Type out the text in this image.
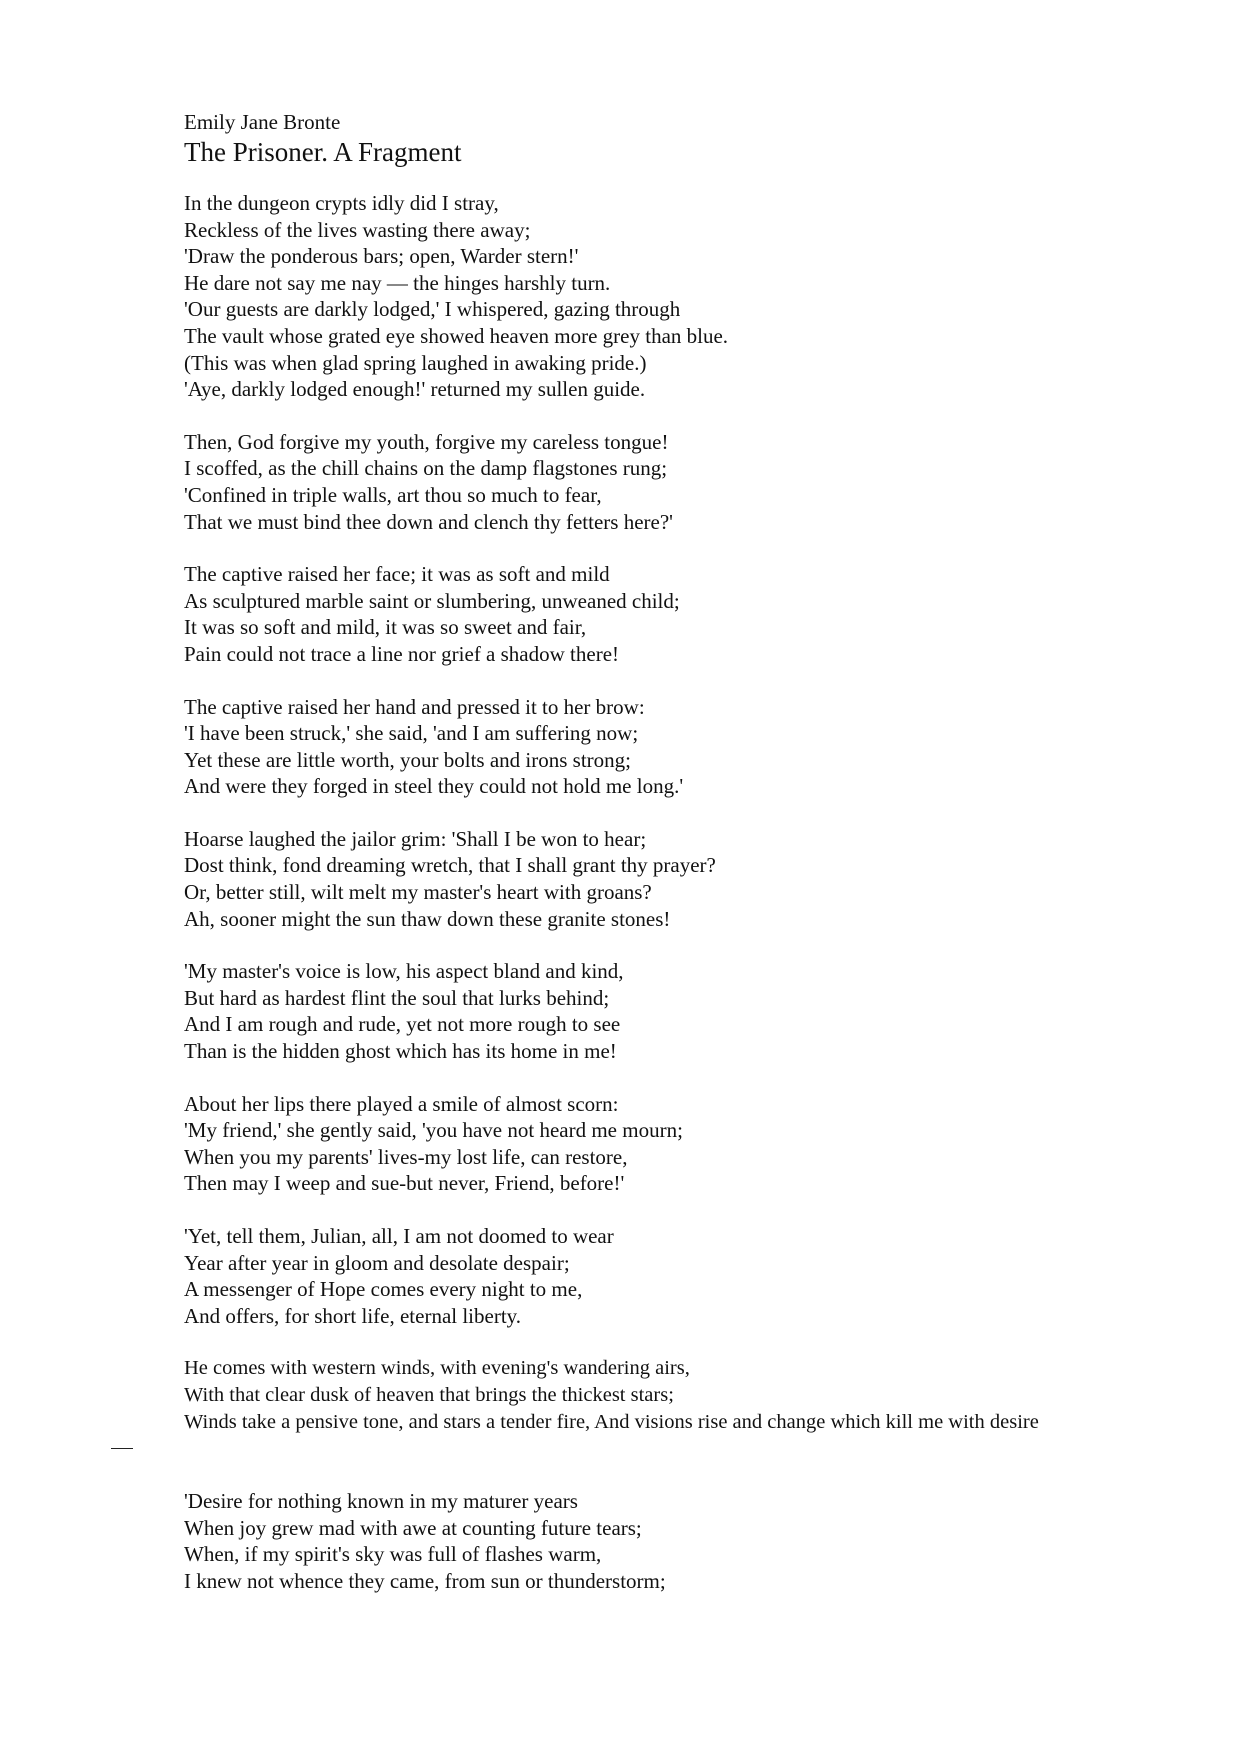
Emily Jane Bronte
The Prisoner. A Fragment
In the dungeon crypts idly did I stray,
Reckless of the lives wasting there away;
'Draw the ponderous bars; open, Warder stern!'
He dare not say me nay — the hinges harshly turn.
'Our guests are darkly lodged,' I whispered, gazing through
The vault whose grated eye showed heaven more grey than blue.
(This was when glad spring laughed in awaking pride.)
'Aye, darkly lodged enough!' returned my sullen guide.
Then, God forgive my youth, forgive my careless tongue!
I scoffed, as the chill chains on the damp flagstones rung;
'Confined in triple walls, art thou so much to fear,
That we must bind thee down and clench thy fetters here?'
The captive raised her face; it was as soft and mild
As sculptured marble saint or slumbering, unweaned child;
It was so soft and mild, it was so sweet and fair,
Pain could not trace a line nor grief a shadow there!
The captive raised her hand and pressed it to her brow:
'I have been struck,' she said, 'and I am suffering now;
Yet these are little worth, your bolts and irons strong;
And were they forged in steel they could not hold me long.'
Hoarse laughed the jailor grim: 'Shall I be won to hear;
Dost think, fond dreaming wretch, that I shall grant thy prayer?
Or, better still, wilt melt my master's heart with groans?
Ah, sooner might the sun thaw down these granite stones!
'My master's voice is low, his aspect bland and kind,
But hard as hardest flint the soul that lurks behind;
And I am rough and rude, yet not more rough to see
Than is the hidden ghost which has its home in me!
About her lips there played a smile of almost scorn:
'My friend,' she gently said, 'you have not heard me mourn;
When you my parents' lives-my lost life, can restore,
Then may I weep and sue-but never, Friend, before!'
'Yet, tell them, Julian, all, I am not doomed to wear
Year after year in gloom and desolate despair;
A messenger of Hope comes every night to me,
And offers, for short life, eternal liberty.
He comes with western winds, with evening's wandering airs,
With that clear dusk of heaven that brings the thickest stars;
Winds take a pensive tone, and stars a tender fire, And visions rise and change which kill me with desire
'Desire for nothing known in my maturer years
When joy grew mad with awe at counting future tears;
When, if my spirit's sky was full of flashes warm,
I knew not whence they came, from sun or thunderstorm;
